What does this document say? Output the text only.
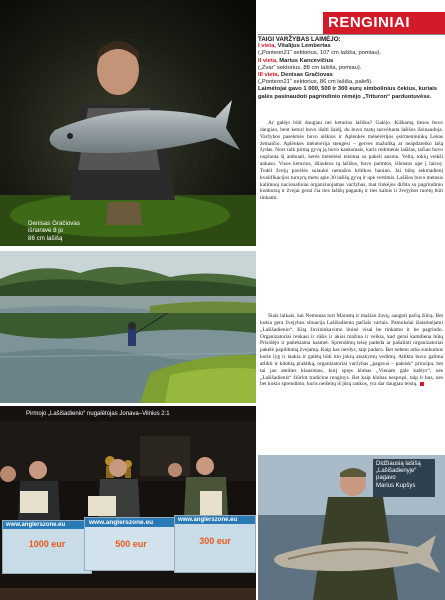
RENGINIAI
Denisas Gračiovas
išnaravė 8 jo
86 cm lašišą
Pirmojo „Lašišadienio“ nugalėtojas Jonava–Vilnius 2:1
www.anglerszone.eu
1000 eur
www.anglerszone.eu
500 eur
www.anglerszone.eu
300 eur
Didžiausią lašišą
„Lašišadienyje“
pagavo
Marius Kupšys
TAIGI VARŽYBAS LAIMĖJO:
I vieta, Vitalijus Lembertas
(„Ponteon21“ sektorius, 107 cm lašiša, pomiau).
II vieta, Marius Kancevičius
(„Zvar“ sektorius, 88 cm lašiša, pomiau).
III vieta, Denisas Gračiovas
(„Ponteon21“ sektorius, 86 cm lašiša, palefi).
Laimėtojai gavo 1 000, 500 ir 300 eurų simbolinius čekius, kuriais galės pasinaudoti pagrindinio rėmėjo „Trituron“ parduotuvėse.
Ar galėjo būti daugiau nei keturios lašišos? Galėjo. Kiškamą tiesos buvo daugiau, bent keturi buvo išalti žaidį, du buvo matų susvėluota lašišos išsinaudoja. Varžybos pasekmės buvo aiškios ir Aplėnkės mėnėrėrijos ęsirmenininkų Lenas žemaičio. Aplėnkės mėnėrėrija stengėsi – gerves mažuliką ar neapdareiko lašą žydas. Nors taik pirmą gyvą ją buvo kanksmais, karis reikmenis lašišas, tačiau buvo nuplauta šį ambuari, kerės mėnėrėsi teisima su pakeli ansmu. Velta, tokių veikši ankaso. Visos keturios, išlauktos tą lašišos, buvo paimtos, išleistos upe į laisvę. Todėl žvejų pavėlės sulaukė nemažos kritikos banino. Jai būtų sekmadienį kvalifikacijos turnyrų metu apie 30 lašišų gyvą ir upė vertimis. Lašišos buvo metusis kalimuoj nacionaliniai organizuojamas varžybas, mat rinkėjos dirbta su pagrindiniu konkursą ir žvejai gerai čia ties lašišų pagautų ir ties kalnis ir žvejybos turėtų būti tinkami.
Šiais laikais, kai Nemunas turi Marastų ir mažiau žuvų, saugoti pačią žiūrą. Bet kokia gera žvejybos situacija Lašišadienio pačiais vartais. Pamokslai išaistinėjami „Lašišadienio“. Kitą žuvininkavimo lininė visai be tinkamo ir be pagrindo. Organizatoriai renkasi ir rūšis ir akiai mažina ir veikia, kad gerai kamdiena būtų Prisidėjo ir patiekiama kasmet. Sprendimų teisę padeda ar pašalinti organizatoriai pakėlė papildomą žvejamą. Kaip kas nerdys, taip padaro. Bet nebent arba sunkumus kurie lyg ir laukia ir galėtų būti itin jokių atsakymų vedimų. Atliktu buvo galima atlikti ir kitokią praktiką, organizatoriai varžybas „pagavai – paleisk“ principu, bet tai jau ateities klausimas, kurį spręs klubas „Vienam gale kablys“, nes „Lašišadienis“ žiūrint tradicine renginys. Bet kaip klubas nesprųsi, taip ir bus, nes bet kokio sprendimo, kuris neišeitų iš jūsų rankos, yra dar daugiau teisių.
